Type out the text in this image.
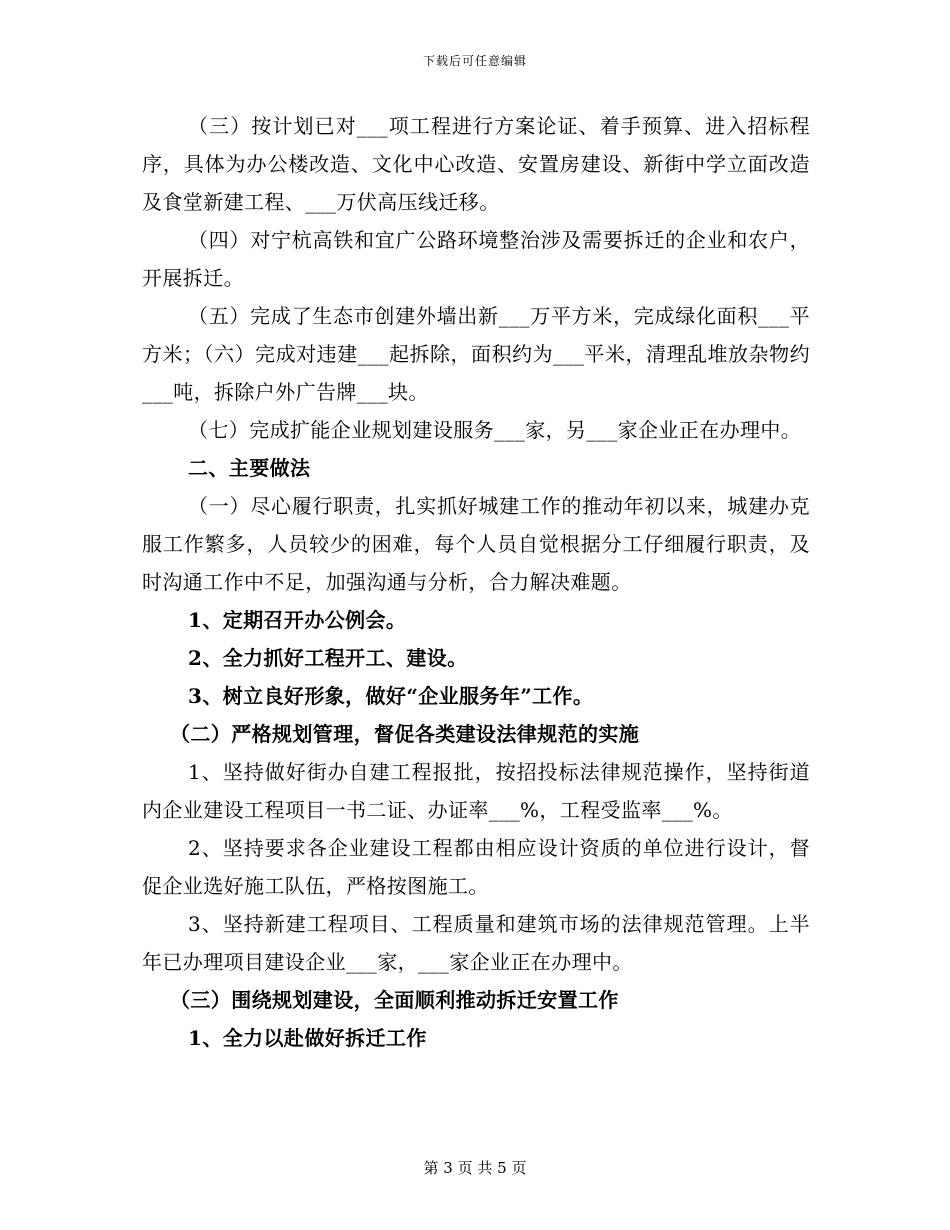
下载后可任意编辑

（三）按计划已对___项工程进行方案论证、着手预算、进入招标程序，具体为办公楼改造、文化中心改造、安置房建设、新街中学立面改造及食堂新建工程、___万伏高压线迁移。

（四）对宁杭高铁和宜广公路环境整治涉及需要拆迁的企业和农户，开展拆迁。

（五）完成了生态市创建外墙出新___万平方米，完成绿化面积___平方米；（六）完成对违建___起拆除，面积约为___平米，清理乱堆放杂物约___吨，拆除户外广告牌___块。

（七）完成扩能企业规划建设服务___家，另___家企业正在办理中。

二、主要做法

（一）尽心履行职责，扎实抓好城建工作的推动年初以来，城建办克服工作繁多，人员较少的困难，每个人员自觉根据分工仔细履行职责，及时沟通工作中不足，加强沟通与分析，合力解决难题。

1、定期召开办公例会。

2、全力抓好工程开工、建设。

3、树立良好形象，做好“企业服务年”工作。

（二）严格规划管理，督促各类建设法律规范的实施

1、坚持做好街办自建工程报批，按招投标法律规范操作，坚持街道内企业建设工程项目一书二证、办证率___%，工程受监率___%。

2、坚持要求各企业建设工程都由相应设计资质的单位进行设计，督促企业选好施工队伍，严格按图施工。

3、坚持新建工程项目、工程质量和建筑市场的法律规范管理。上半年已办理项目建设企业___家，___家企业正在办理中。

（三）围绕规划建设，全面顺利推动拆迁安置工作

1、全力以赴做好拆迁工作

第 3 页 共 5 页
